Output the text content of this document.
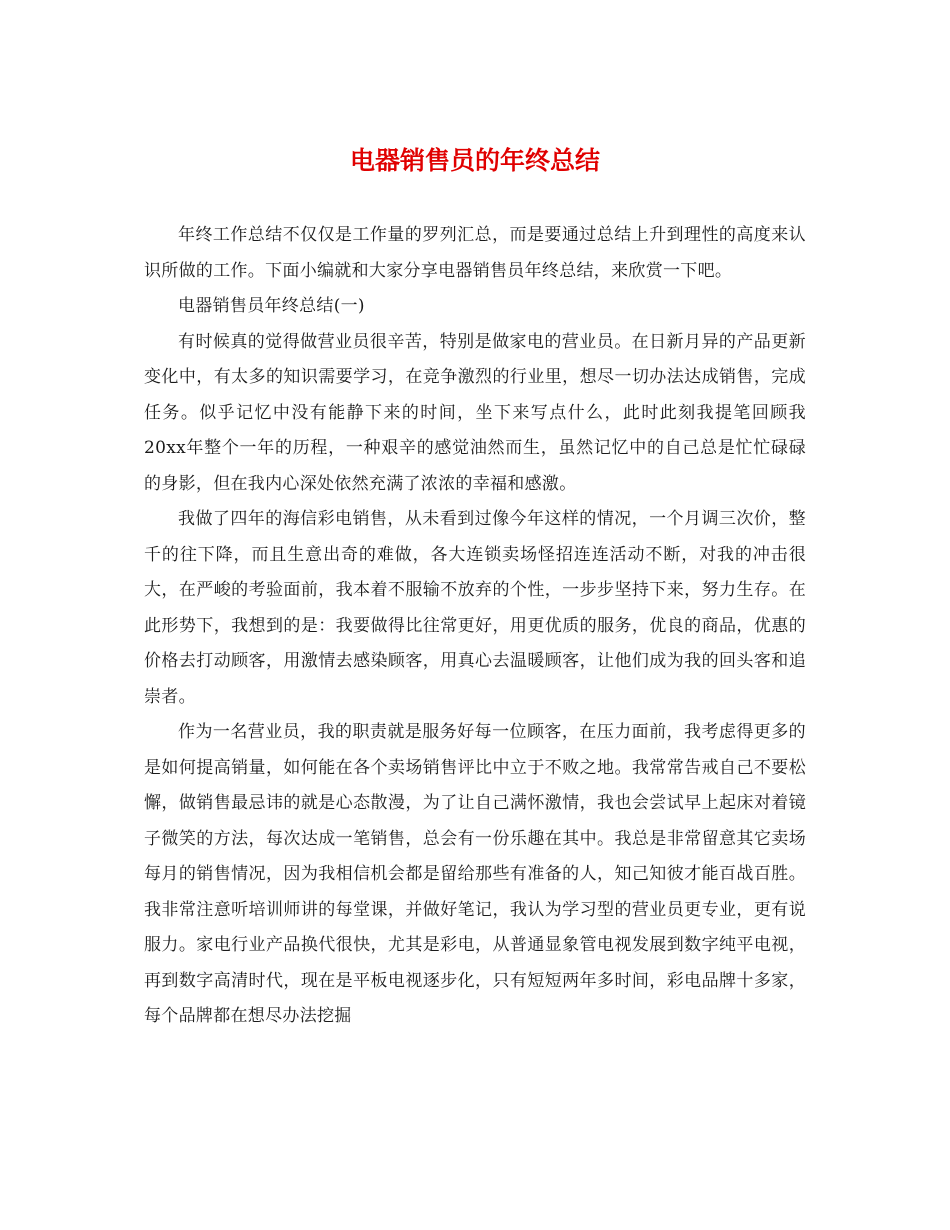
电器销售员的年终总结

年终工作总结不仅仅是工作量的罗列汇总，而是要通过总结上升到理性的高度来认识所做的工作。下面小编就和大家分享电器销售员年终总结，来欣赏一下吧。

电器销售员年终总结(一)

有时候真的觉得做营业员很辛苦，特别是做家电的营业员。在日新月异的产品更新变化中，有太多的知识需要学习，在竞争激烈的行业里，想尽一切办法达成销售，完成任务。似乎记忆中没有能静下来的时间，坐下来写点什么，此时此刻我提笔回顾我20xx年整个一年的历程，一种艰辛的感觉油然而生，虽然记忆中的自己总是忙忙碌碌的身影，但在我内心深处依然充满了浓浓的幸福和感激。

我做了四年的海信彩电销售，从未看到过像今年这样的情况，一个月调三次价，整千的往下降，而且生意出奇的难做，各大连锁卖场怪招连连活动不断，对我的冲击很大，在严峻的考验面前，我本着不服输不放弃的个性，一步步坚持下来，努力生存。在此形势下，我想到的是：我要做得比往常更好，用更优质的服务，优良的商品，优惠的价格去打动顾客，用激情去感染顾客，用真心去温暖顾客，让他们成为我的回头客和追崇者。

作为一名营业员，我的职责就是服务好每一位顾客，在压力面前，我考虑得更多的是如何提高销量，如何能在各个卖场销售评比中立于不败之地。我常常告戒自己不要松懈，做销售最忌讳的就是心态散漫，为了让自己满怀激情，我也会尝试早上起床对着镜子微笑的方法，每次达成一笔销售，总会有一份乐趣在其中。我总是非常留意其它卖场每月的销售情况，因为我相信机会都是留给那些有准备的人，知己知彼才能百战百胜。我非常注意听培训师讲的每堂课，并做好笔记，我认为学习型的营业员更专业，更有说服力。家电行业产品换代很快，尤其是彩电，从普通显象管电视发展到数字纯平电视，再到数字高清时代，现在是平板电视逐步化，只有短短两年多时间，彩电品牌十多家，每个品牌都在想尽办法挖掘
